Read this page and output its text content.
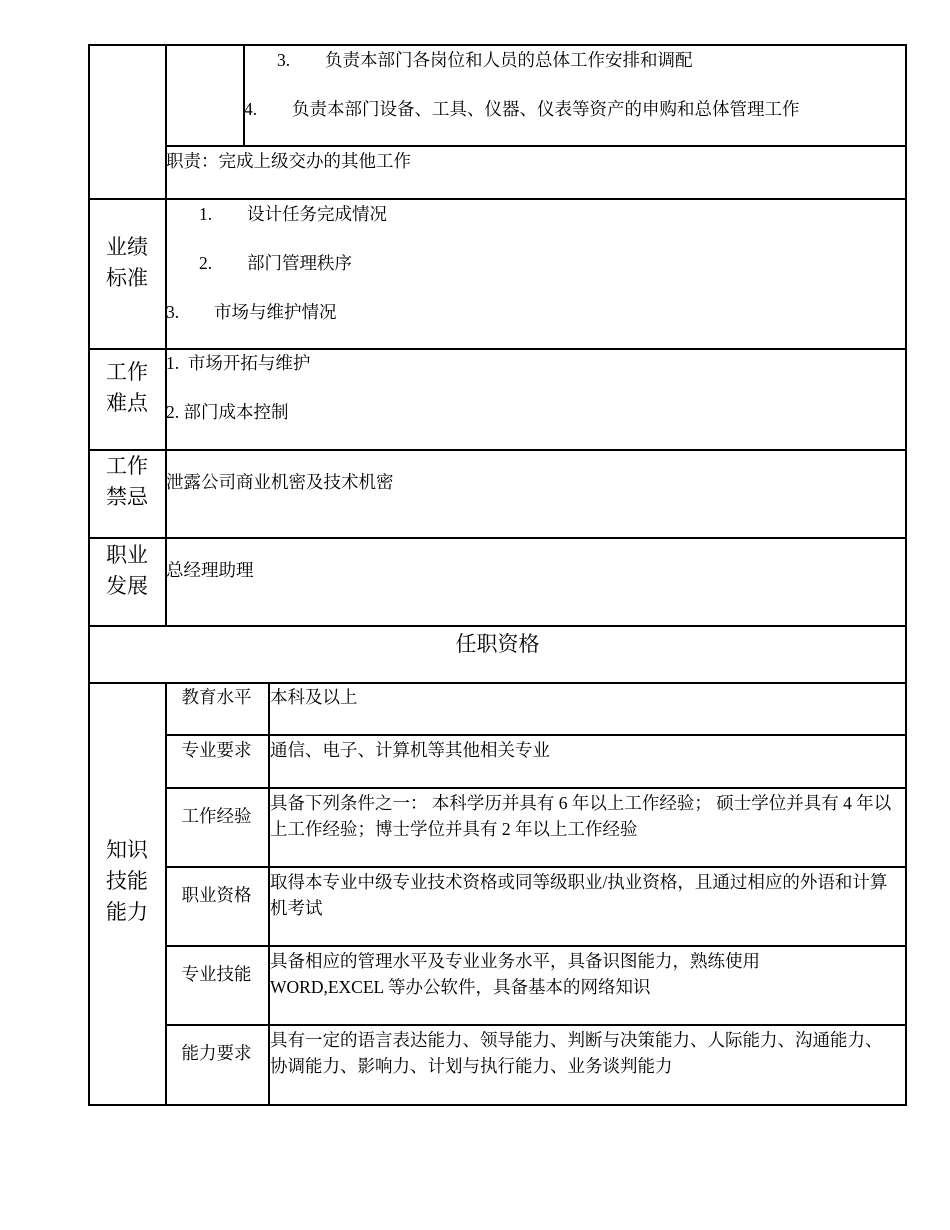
3. 负责本部门各岗位和人员的总体工作安排和调配
4. 负责本部门设备、工具、仪器、仪表等资产的申购和总体管理工作
职责：完成上级交办的其他工作
业绩标准
1. 设计任务完成情况
2. 部门管理秩序
3. 市场与维护情况
工作难点
1.  市场开拓与维护
2. 部门成本控制
工作禁忌
泄露公司商业机密及技术机密
职业发展
总经理助理
任职资格
知识技能能力
教育水平	本科及以上
专业要求	通信、电子、计算机等其他相关专业
工作经验
具备下列条件之一： 本科学历并具有 6 年以上工作经验； 硕士学位并具有 4 年以上工作经验；博士学位并具有 2 年以上工作经验
职业资格
取得本专业中级专业技术资格或同等级职业/执业资格，且通过相应的外语和计算机考试
专业技能
具备相应的管理水平及专业业务水平，具备识图能力，熟练使用 WORD,EXCEL 等办公软件，具备基本的网络知识
能力要求
具有一定的语言表达能力、领导能力、判断与决策能力、人际能力、沟通能力、协调能力、影响力、计划与执行能力、业务谈判能力
